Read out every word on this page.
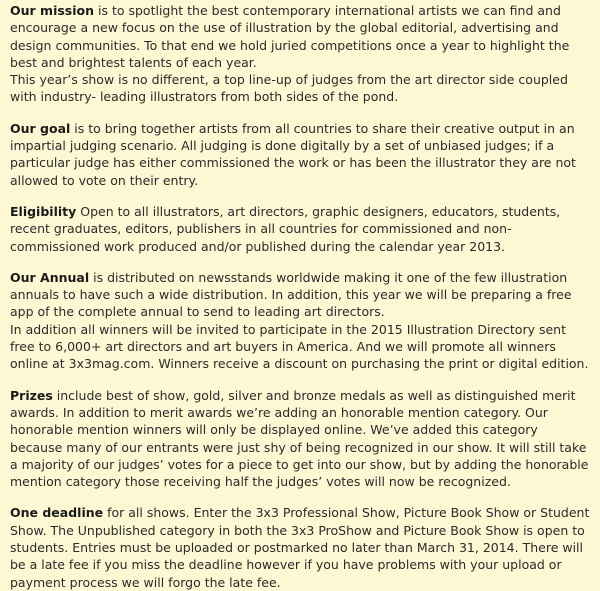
Our mission is to spotlight the best contemporary international artists we can find and encourage a new focus on the use of illustration by the global editorial, advertising and design communities. To that end we hold juried competitions once a year to highlight the best and brightest talents of each year.

This year’s show is no different, a top line-up of judges from the art director side coupled with industry- leading illustrators from both sides of the pond.

Our goal is to bring together artists from all countries to share their creative output in an impartial judging scenario. All judging is done digitally by a set of unbiased judges; if a particular judge has either commissioned the work or has been the illustrator they are not allowed to vote on their entry.

Eligibility Open to all illustrators, art directors, graphic designers, educators, students, recent graduates, editors, publishers in all countries for commissioned and non-commissioned work produced and/or published during the calendar year 2013.

Our Annual is distributed on newsstands worldwide making it one of the few illustration annuals to have such a wide distribution. In addition, this year we will be preparing a free app of the complete annual to send to leading art directors.

In addition all winners will be invited to participate in the 2015 Illustration Directory sent free to 6,000+ art directors and art buyers in America. And we will promote all winners online at 3x3mag.com. Winners receive a discount on purchasing the print or digital edition.

Prizes include best of show, gold, silver and bronze medals as well as distinguished merit awards. In addition to merit awards we’re adding an honorable mention category. Our honorable mention winners will only be displayed online. We’ve added this category because many of our entrants were just shy of being recognized in our show. It will still take a majority of our judges’ votes for a piece to get into our show, but by adding the honorable mention category those receiving half the judges’ votes will now be recognized.

One deadline for all shows. Enter the 3x3 Professional Show, Picture Book Show or Student Show. The Unpublished category in both the 3x3 ProShow and Picture Book Show is open to students. Entries must be uploaded or postmarked no later than March 31, 2014. There will be a late fee if you miss the deadline however if you have problems with your upload or payment process we will forgo the late fee.
